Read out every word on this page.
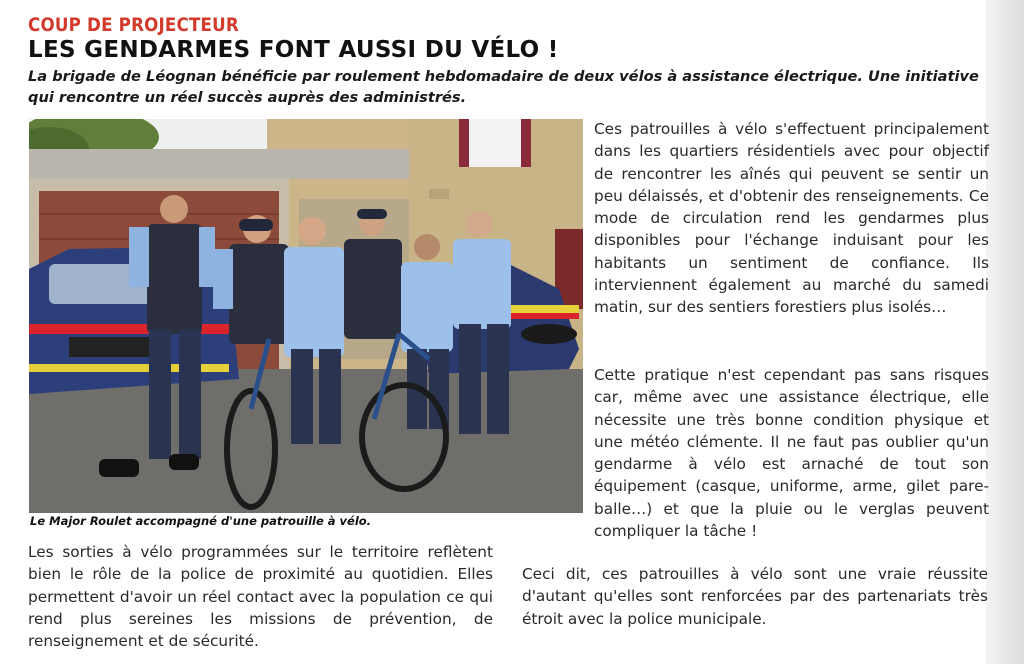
COUP DE PROJECTEUR
LES GENDARMES FONT AUSSI DU VÉLO !
La brigade de Léognan bénéficie par roulement hebdomadaire de deux vélos à assistance électrique. Une initiative qui rencontre un réel succès auprès des administrés.
Le Major Roulet accompagné d'une patrouille à vélo.

Ces patrouilles à vélo s'effectuent principalement dans les quartiers résidentiels avec pour objectif de rencontrer les aînés qui peuvent se sentir un peu délaissés, et d'obtenir des renseignements. Ce mode de circulation rend les gendarmes plus disponibles pour l'échange induisant pour les habitants un sentiment de confiance. Ils interviennent également au marché du samedi matin, sur des sentiers forestiers plus isolés…

Cette pratique n'est cependant pas sans risques car, même avec une assistance électrique, elle nécessite une très bonne condition physique et une météo clémente. Il ne faut pas oublier qu'un gendarme à vélo est arnaché de tout son équipement (casque, uniforme, arme, gilet pare-balle…) et que la pluie ou le verglas peuvent compliquer la tâche !

Les sorties à vélo programmées sur le territoire reflètent bien le rôle de la police de proximité au quotidien. Elles permettent d'avoir un réel contact avec la population ce qui rend plus sereines les missions de prévention, de renseignement et de sécurité.

Ceci dit, ces patrouilles à vélo sont une vraie réussite d'autant qu'elles sont renforcées par des partenariats très étroit avec la police municipale.
